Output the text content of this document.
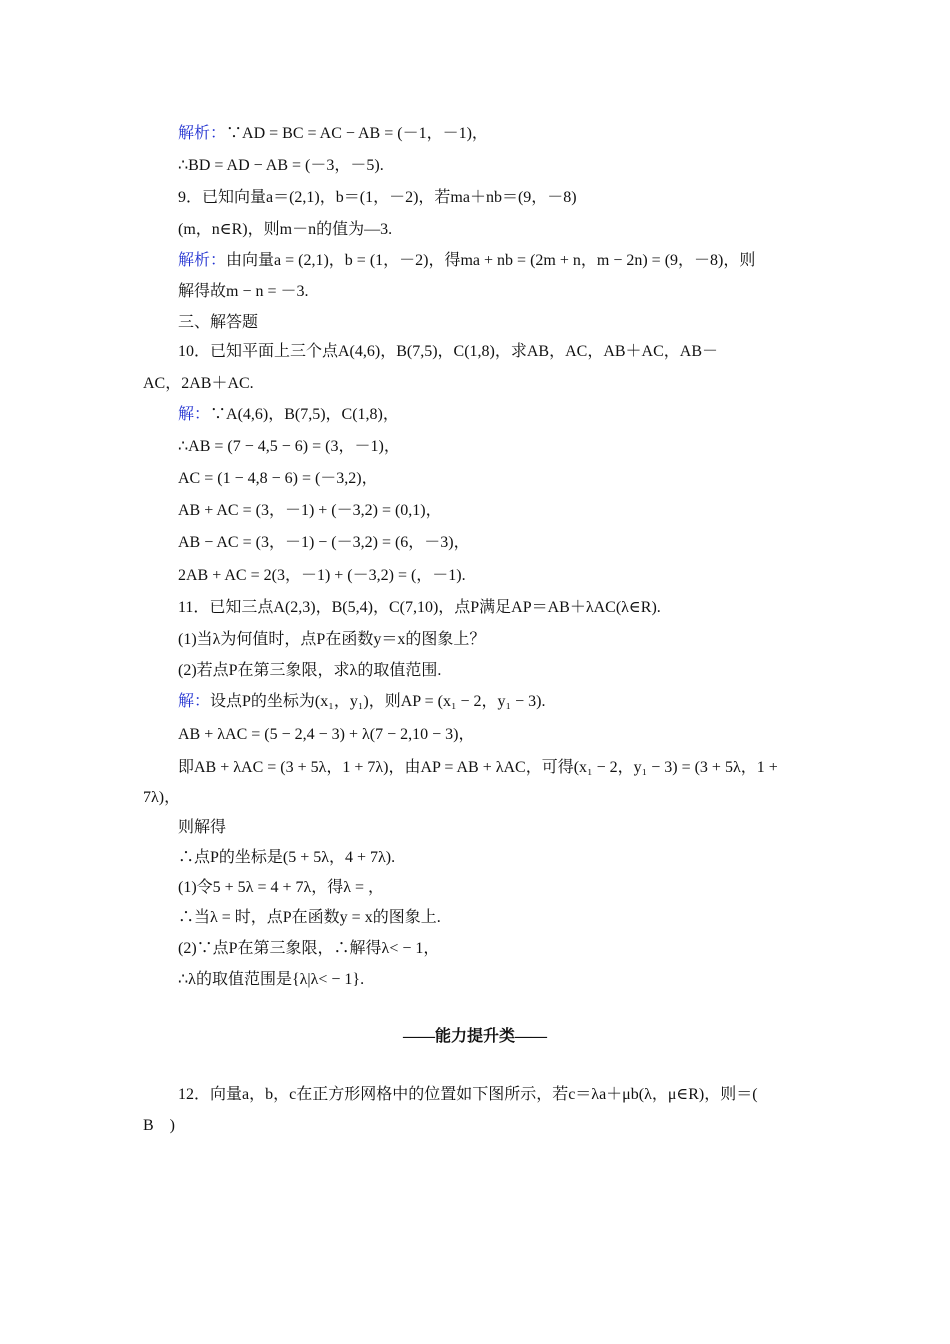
解析：∵AD = BC = AC − AB = (－1，－1)，
∴BD = AD − AB = (－3，－5).
9．已知向量a＝(2,1)，b＝(1，－2)，若ma＋nb＝(9，－8)
(m，n∈R)，则m－n的值为—3.
解析：由向量a = (2,1)，b = (1，－2)，得ma + nb = (2m + n，m − 2n) = (9，－8)，则
解得故m − n = －3.
三、解答题
10．已知平面上三个点A(4,6)，B(7,5)，C(1,8)，求AB，AC，AB＋AC，AB－
AC，2AB＋AC.
解：∵A(4,6)，B(7,5)，C(1,8)，
∴AB = (7 − 4,5 − 6) = (3，－1)，
AC = (1 − 4,8 − 6) = (－3,2)，
AB + AC = (3，－1) + (－3,2) = (0,1)，
AB − AC = (3，－1) − (－3,2) = (6，－3)，
2AB + AC = 2(3，－1) + (－3,2) = (，－1).
11．已知三点A(2,3)，B(5,4)，C(7,10)，点P满足AP＝AB＋λAC(λ∈R).
(1)当λ为何值时，点P在函数y＝x的图象上？
(2)若点P在第三象限，求λ的取值范围.
解：设点P的坐标为(x₁，y₁)，则AP = (x₁ − 2，y₁ − 3).
AB + λAC = (5 − 2,4 − 3) + λ(7 − 2,10 − 3)，
即AB + λAC = (3 + 5λ，1 + 7λ)，由AP = AB + λAC，可得(x₁ − 2，y₁ − 3) = (3 + 5λ，1 +
7λ)，
则解得
∴点P的坐标是(5 + 5λ，4 + 7λ).
(1)令5 + 5λ = 4 + 7λ，得λ = ，
∴当λ = 时，点P在函数y = x的图象上.
(2)∵点P在第三象限，∴解得λ< − 1，
∴λ的取值范围是{λ|λ< − 1}.
——能力提升类——
12．向量a，b，c在正方形网格中的位置如下图所示，若c＝λa＋μb(λ，μ∈R)，则＝(
B　)
